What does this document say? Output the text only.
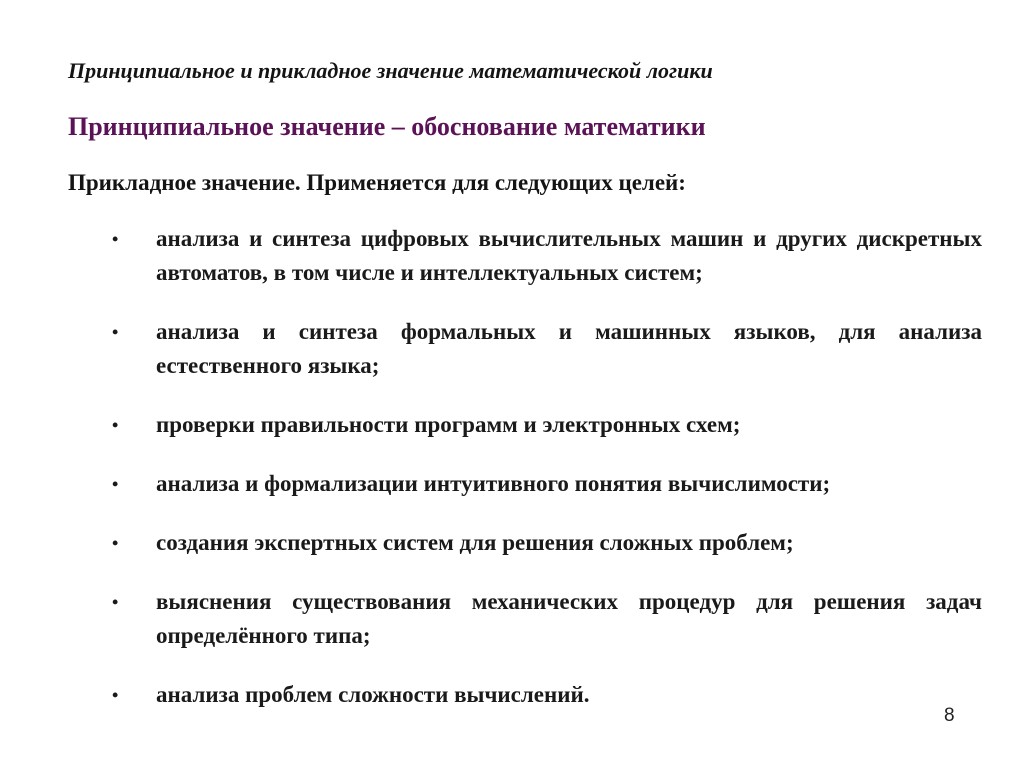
Принципиальное и прикладное значение математической логики
Принципиальное значение – обоснование математики
Прикладное значение. Применяется для следующих целей:
•	анализа и синтеза цифровых вычислительных машин и других дискретных автоматов, в том числе и интеллектуальных систем;
•	анализа и синтеза формальных и машинных языков, для анализа естественного языка;
•	проверки правильности программ и электронных схем;
•	анализа и формализации интуитивного понятия вычислимости;
•	создания экспертных систем для решения сложных проблем;
•	выяснения существования механических процедур для решения задач определённого типа;
•	анализа проблем сложности вычислений.
8
